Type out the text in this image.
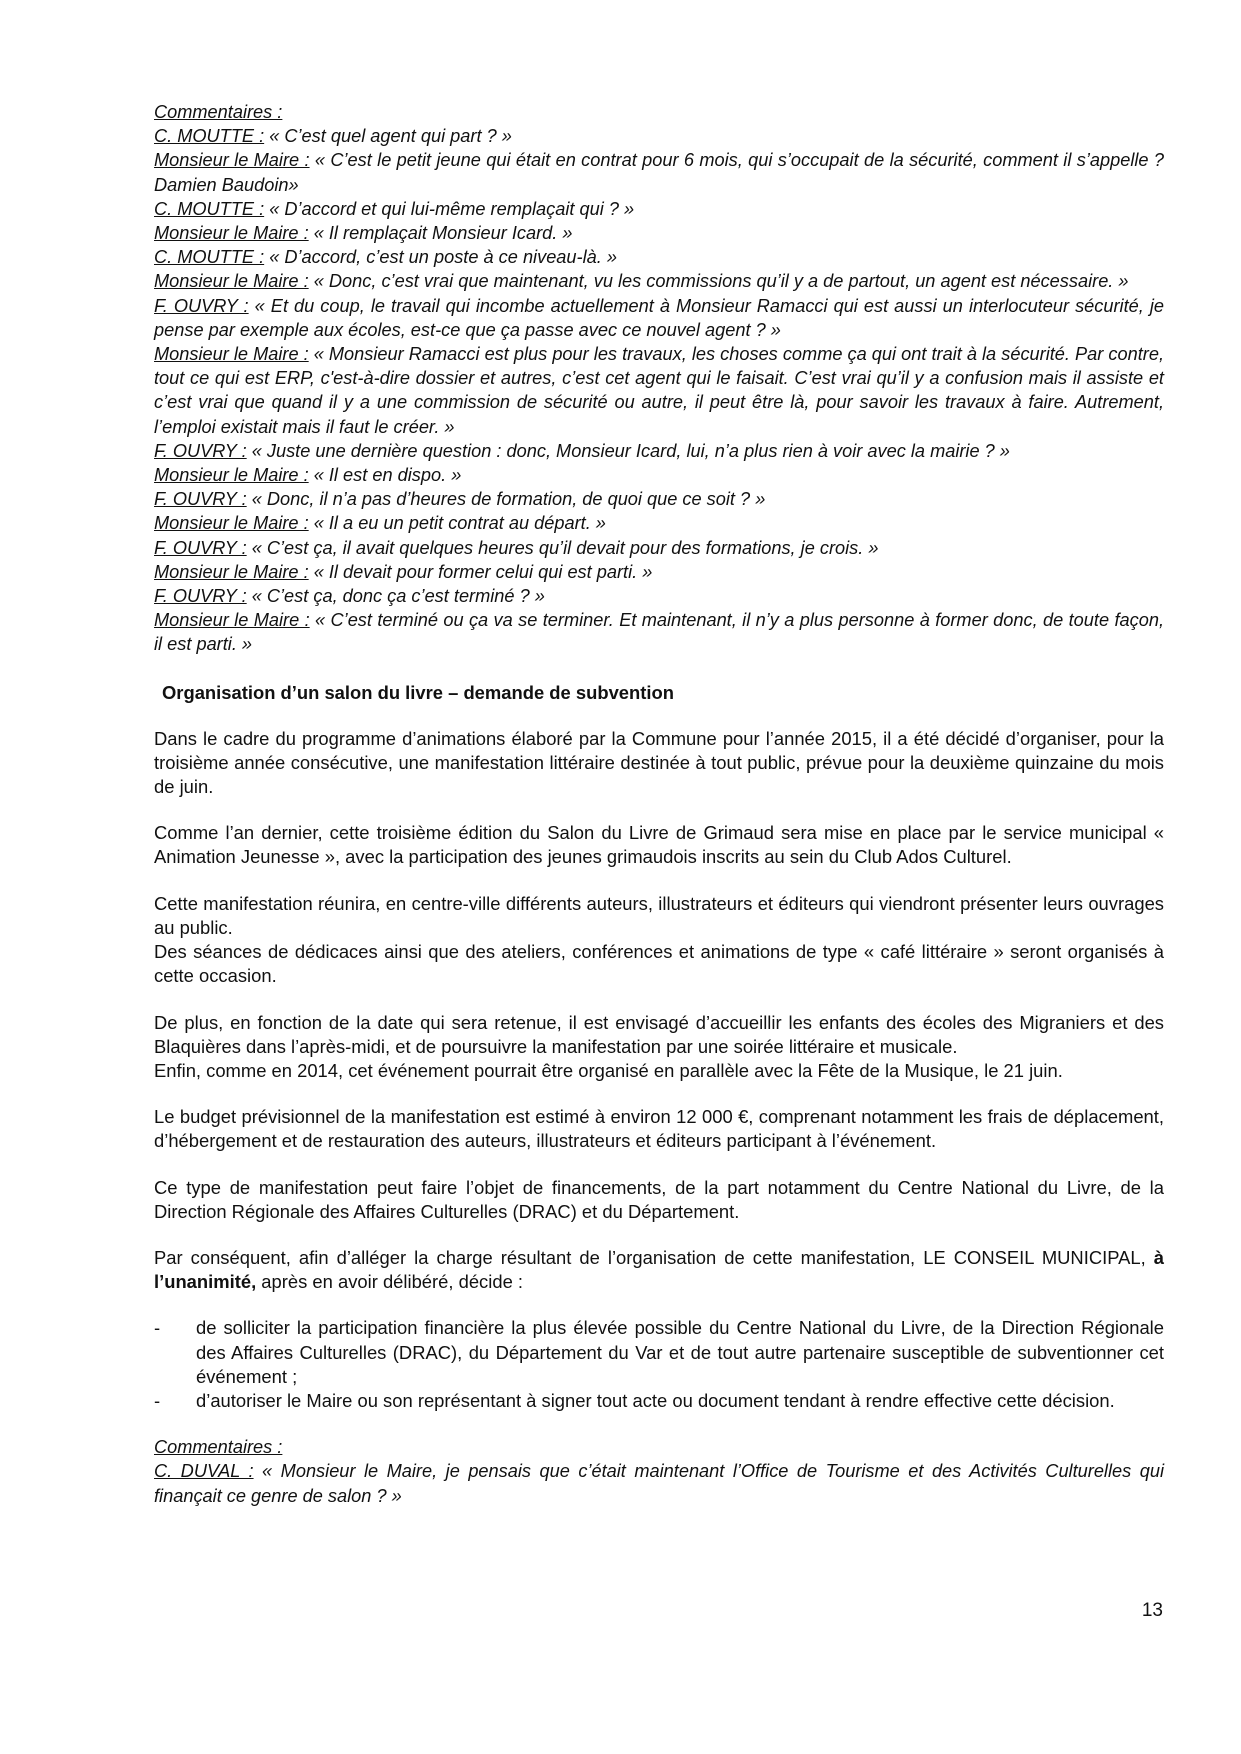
Commentaires :
C. MOUTTE : « C’est quel agent qui part ? »
Monsieur le Maire : « C’est le petit jeune qui était en contrat pour 6 mois, qui s’occupait de la sécurité, comment il s’appelle ? Damien Baudoin»
C. MOUTTE : « D’accord et qui lui-même remplaçait qui ? »
Monsieur le Maire : « Il remplaçait Monsieur Icard. »
C. MOUTTE : « D’accord, c’est un poste à ce niveau-là. »
Monsieur le Maire : « Donc, c’est vrai que maintenant, vu les commissions qu’il y a de partout, un agent est nécessaire. »
F. OUVRY : « Et du coup, le travail qui incombe actuellement à Monsieur Ramacci qui est aussi un interlocuteur sécurité, je pense par exemple aux écoles, est-ce que ça passe avec ce nouvel agent ? »
Monsieur le Maire : « Monsieur Ramacci est plus pour les travaux, les choses comme ça qui ont trait à la sécurité. Par contre, tout ce qui est ERP, c'est-à-dire dossier et autres, c’est cet agent qui le faisait. C’est vrai qu’il y a confusion mais il assiste et c’est vrai que quand il y a une commission de sécurité ou autre, il peut être là, pour savoir les travaux à faire. Autrement, l’emploi existait mais il faut le créer. »
F. OUVRY : « Juste une dernière question : donc, Monsieur Icard, lui, n’a plus rien à voir avec la mairie ? »
Monsieur le Maire : « Il est en dispo. »
F. OUVRY : « Donc, il n’a pas d’heures de formation, de quoi que ce soit ? »
Monsieur le Maire : « Il a eu un petit contrat au départ. »
F. OUVRY : « C’est ça, il avait quelques heures qu’il devait pour des formations, je crois. »
Monsieur le Maire : « Il devait pour former celui qui est parti. »
F. OUVRY : « C’est ça, donc ça c’est terminé ? »
Monsieur le Maire : « C’est terminé ou ça va se terminer. Et maintenant, il n’y a plus personne à former donc, de toute façon, il est parti. »
Organisation d’un salon du livre – demande de subvention
Dans le cadre du programme d’animations élaboré par la Commune pour l’année 2015, il a été décidé d’organiser, pour la troisième année consécutive, une manifestation littéraire destinée à tout public, prévue pour la deuxième quinzaine du mois de juin.
Comme l’an dernier, cette troisième édition du Salon du Livre de Grimaud sera mise en place par le service municipal « Animation Jeunesse », avec la participation des jeunes grimaudois inscrits au sein du Club Ados Culturel.
Cette manifestation réunira, en centre-ville différents auteurs, illustrateurs et éditeurs qui viendront présenter leurs ouvrages au public.
Des séances de dédicaces ainsi que des ateliers, conférences et animations de type « café littéraire » seront organisés à cette occasion.
De plus, en fonction de la date qui sera retenue, il est envisagé d’accueillir les enfants des écoles des Migraniers et des Blaquières dans l’après-midi, et de poursuivre la manifestation par une soirée littéraire et musicale.
Enfin, comme en 2014, cet événement pourrait être organisé en parallèle avec la Fête de la Musique, le 21 juin.
Le budget prévisionnel de la manifestation est estimé à environ 12 000 €, comprenant notamment les frais de déplacement, d’hébergement et de restauration des auteurs, illustrateurs et éditeurs participant à l’événement.
Ce type de manifestation peut faire l’objet de financements, de la part notamment du Centre National du Livre, de la Direction Régionale des Affaires Culturelles (DRAC) et du Département.
Par conséquent, afin d’alléger la charge résultant de l’organisation de cette manifestation, LE CONSEIL MUNICIPAL, à l’unanimité, après en avoir délibéré, décide :
- de solliciter la participation financière la plus élevée possible du Centre National du Livre, de la Direction Régionale des Affaires Culturelles (DRAC), du Département du Var et de tout autre partenaire susceptible de subventionner cet événement ;
- d’autoriser le Maire ou son représentant à signer tout acte ou document tendant à rendre effective cette décision.
Commentaires :
C. DUVAL : « Monsieur le Maire, je pensais que c’était maintenant l’Office de Tourisme et des Activités Culturelles qui finançait ce genre de salon ? »
13
